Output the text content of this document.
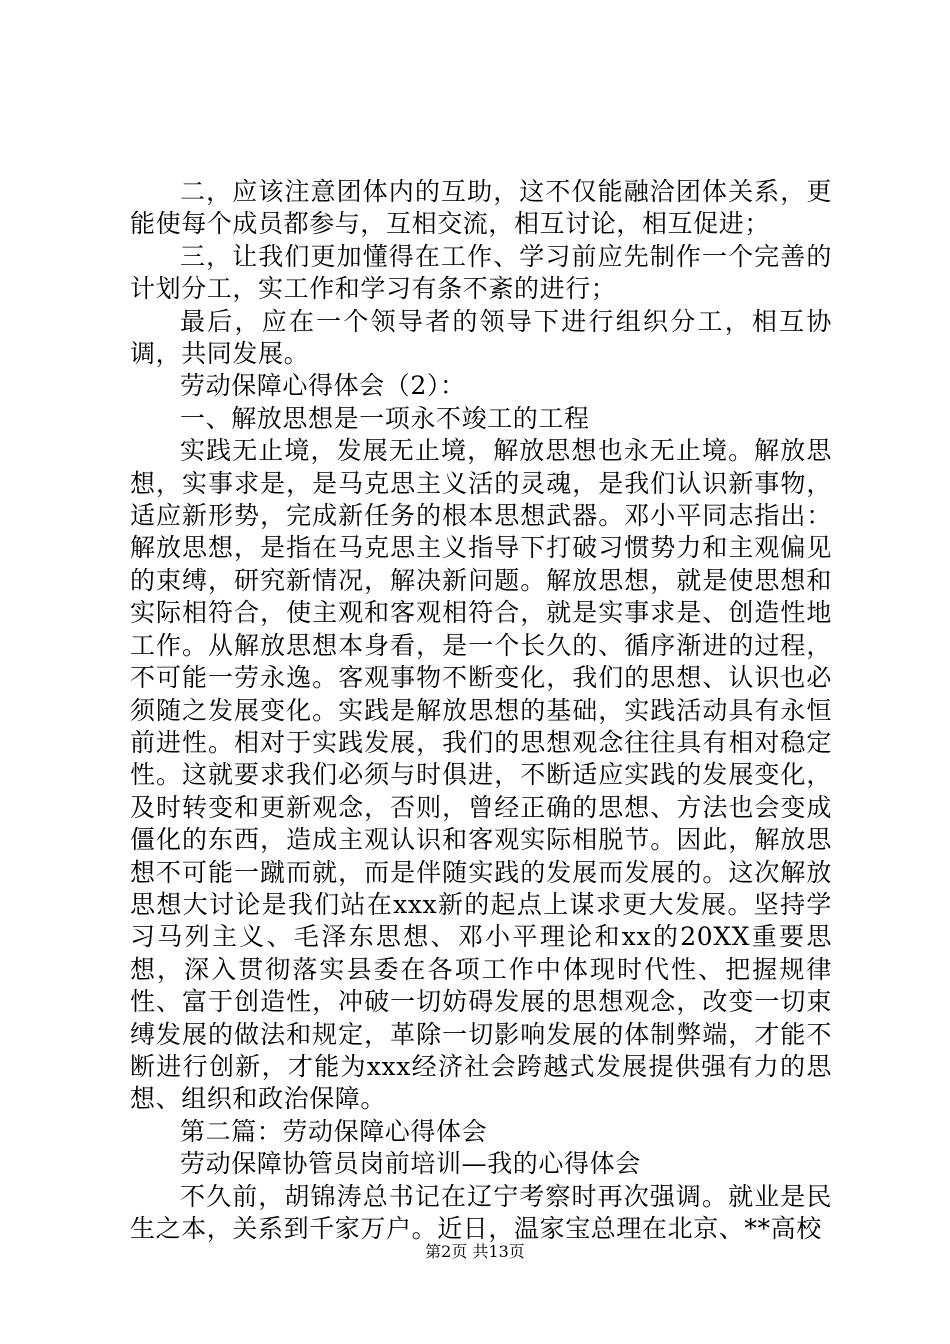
二，应该注意团体内的互助，这不仅能融洽团体关系，更能使每个成员都参与，互相交流，相互讨论，相互促进；

三，让我们更加懂得在工作、学习前应先制作一个完善的计划分工，实工作和学习有条不紊的进行；

最后，应在一个领导者的领导下进行组织分工，相互协调，共同发展。

劳动保障心得体会（2）：

一、解放思想是一项永不竣工的工程

实践无止境，发展无止境，解放思想也永无止境。解放思想，实事求是，是马克思主义活的灵魂，是我们认识新事物，适应新形势，完成新任务的根本思想武器。邓小平同志指出：解放思想，是指在马克思主义指导下打破习惯势力和主观偏见的束缚，研究新情况，解决新问题。解放思想，就是使思想和实际相符合，使主观和客观相符合，就是实事求是、创造性地工作。从解放思想本身看，是一个长久的、循序渐进的过程，不可能一劳永逸。客观事物不断变化，我们的思想、认识也必须随之发展变化。实践是解放思想的基础，实践活动具有永恒前进性。相对于实践发展，我们的思想观念往往具有相对稳定性。这就要求我们必须与时俱进，不断适应实践的发展变化，及时转变和更新观念，否则，曾经正确的思想、方法也会变成僵化的东西，造成主观认识和客观实际相脱节。因此，解放思想不可能一蹴而就，而是伴随实践的发展而发展的。这次解放思想大讨论是我们站在xxx新的起点上谋求更大发展。坚持学习马列主义、毛泽东思想、邓小平理论和xx的20XX重要思想，深入贯彻落实县委在各项工作中体现时代性、把握规律性、富于创造性，冲破一切妨碍发展的思想观念，改变一切束缚发展的做法和规定，革除一切影响发展的体制弊端，才能不断进行创新，才能为xxx经济社会跨越式发展提供强有力的思想、组织和政治保障。

第二篇：劳动保障心得体会

劳动保障协管员岗前培训—我的心得体会

不久前，胡锦涛总书记在辽宁考察时再次强调。就业是民生之本，关系到千家万户。近日，温家宝总理在北京、**高校

第2页 共13页
